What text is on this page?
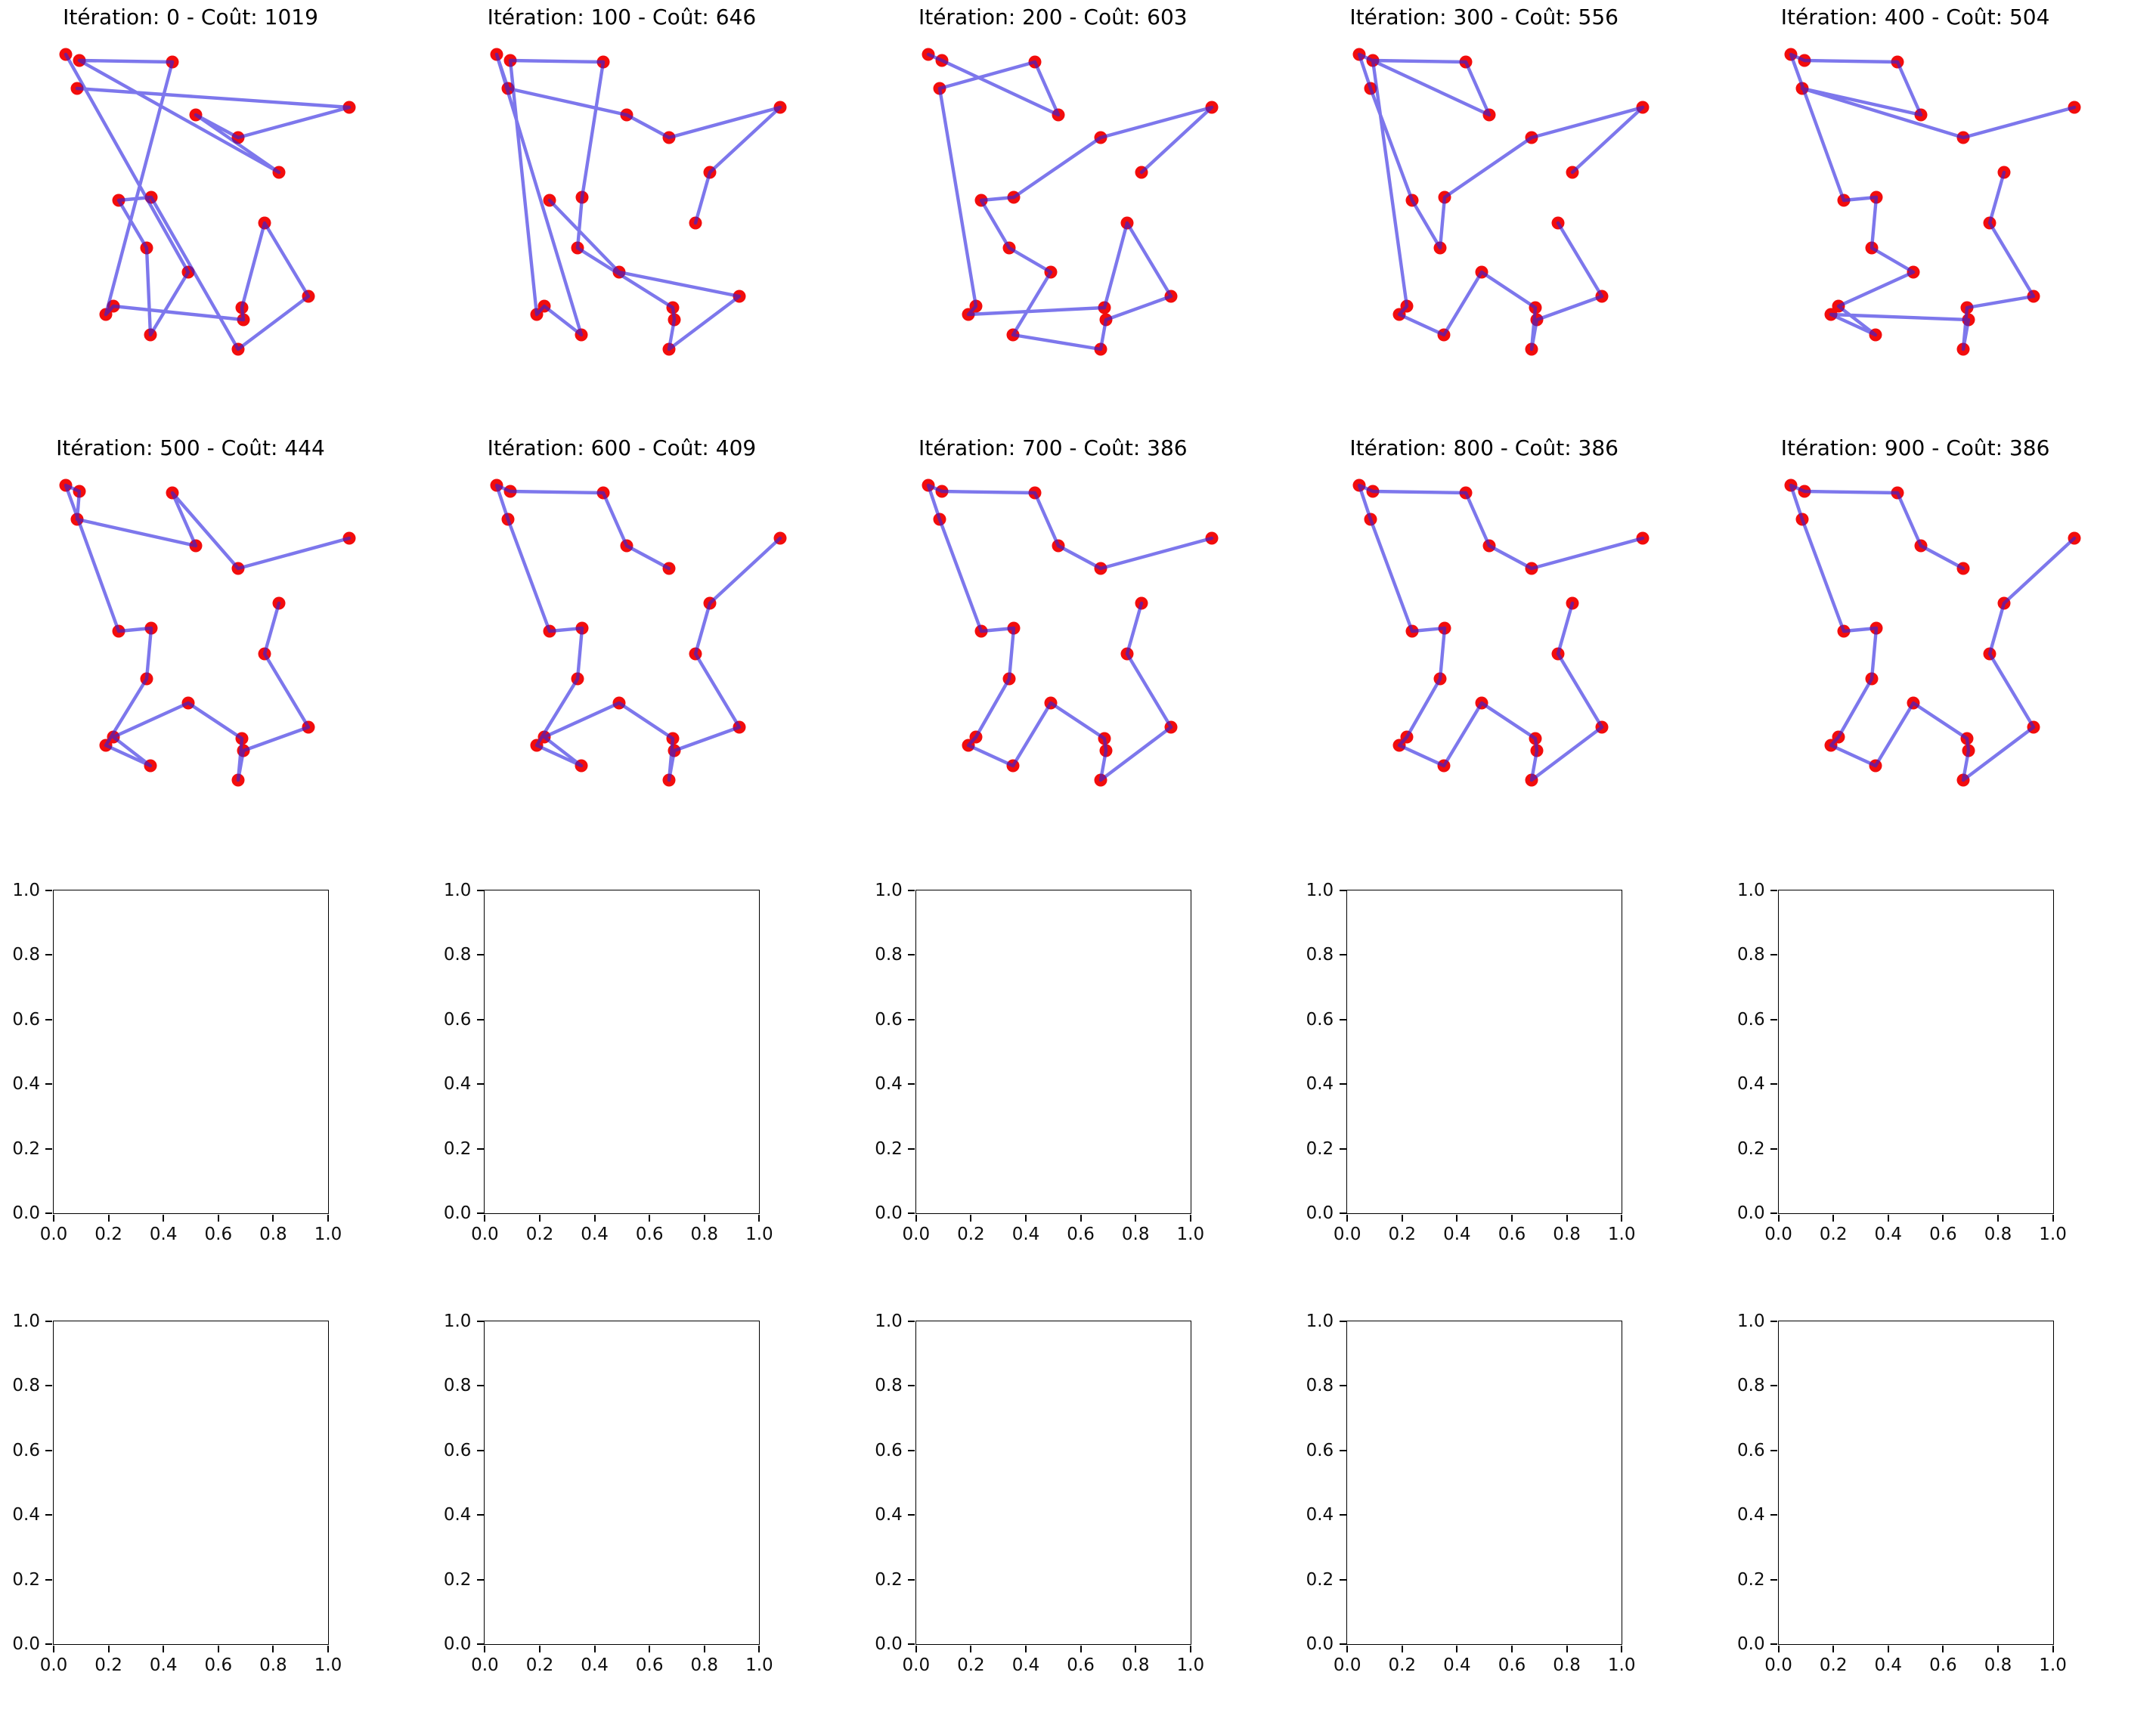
Itération: 0 - Coût: 1019	Itération: 100 - Coût: 646	Itération: 200 - Coût: 603	Itération: 300 - Coût: 556	Itération: 400 - Coût: 504
Itération: 500 - Coût: 444	Itération: 600 - Coût: 409	Itération: 700 - Coût: 386	Itération: 800 - Coût: 386	Itération: 900 - Coût: 386
0.0	0.2	0.4	0.6	0.8	1.0
0.0
0.2
0.4
0.6
0.8
1.0
0.0	0.2	0.4	0.6	0.8	1.0
0.0
0.2
0.4
0.6
0.8
1.0
0.0	0.2	0.4	0.6	0.8	1.0
0.0
0.2
0.4
0.6
0.8
1.0
0.0	0.2	0.4	0.6	0.8	1.0
0.0
0.2
0.4
0.6
0.8
1.0
0.0	0.2	0.4	0.6	0.8	1.0
0.0
0.2
0.4
0.6
0.8
1.0
0.0	0.2	0.4	0.6	0.8	1.0
0.0
0.2
0.4
0.6
0.8
1.0
0.0	0.2	0.4	0.6	0.8	1.0
0.0
0.2
0.4
0.6
0.8
1.0
0.0	0.2	0.4	0.6	0.8	1.0
0.0
0.2
0.4
0.6
0.8
1.0
0.0	0.2	0.4	0.6	0.8	1.0
0.0
0.2
0.4
0.6
0.8
1.0
0.0	0.2	0.4	0.6	0.8	1.0
0.0
0.2
0.4
0.6
0.8
1.0
